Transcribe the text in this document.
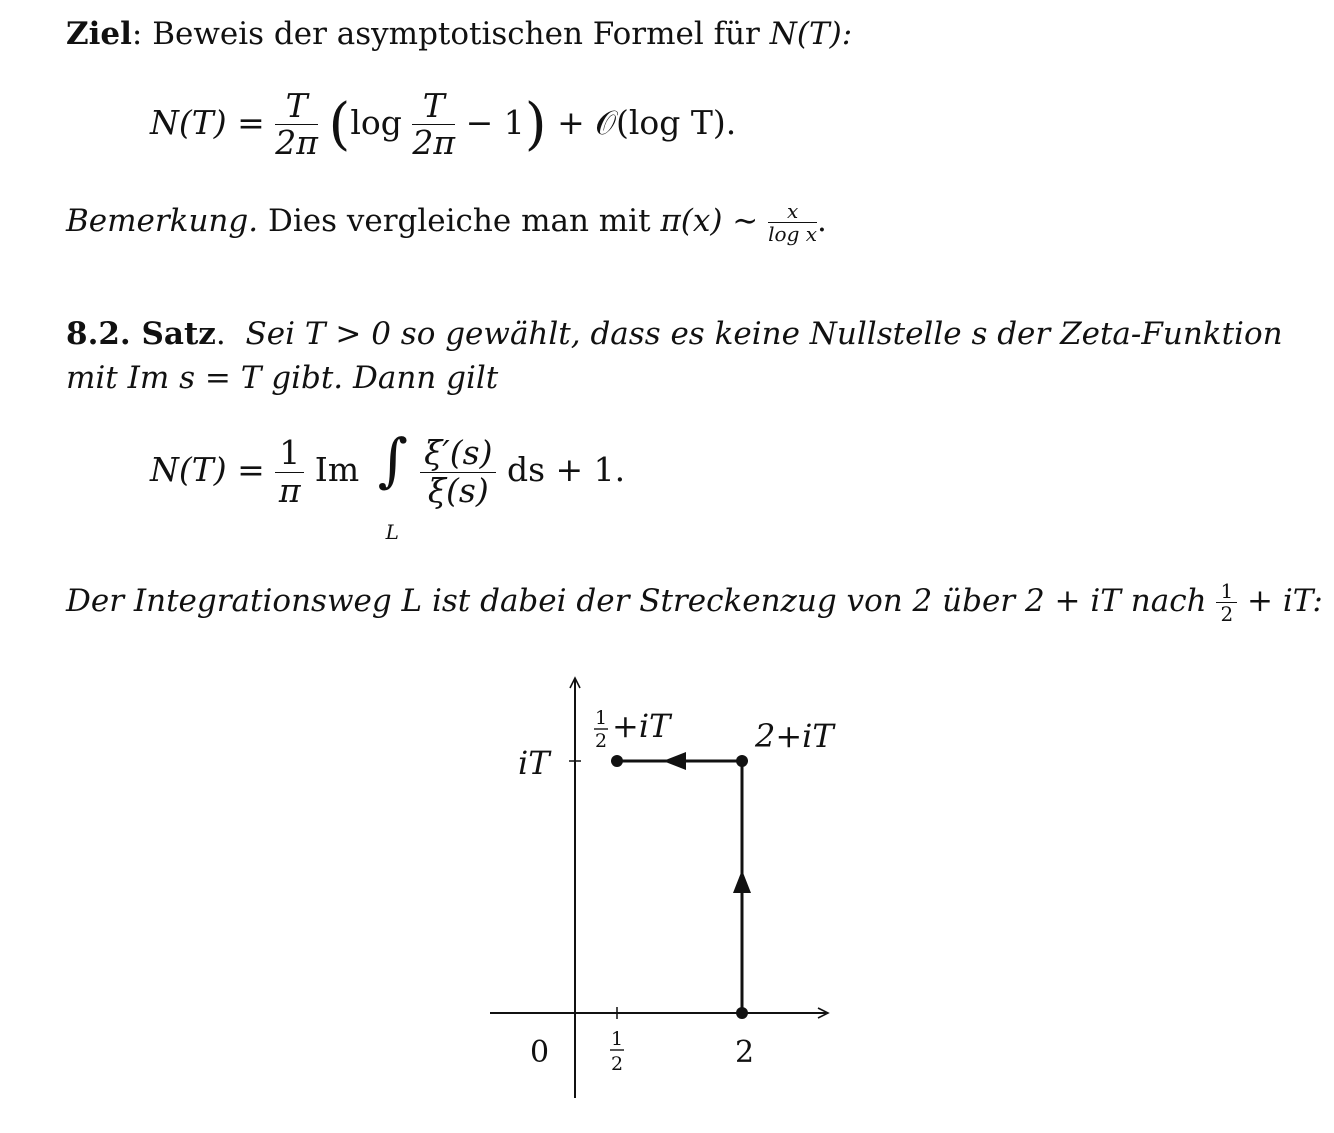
Ziel: Beweis der asymptotischen Formel für N(T):
$N(T) = \frac{T}{2\pi} (\log \frac{T}{2\pi} - 1)$ + 𝒪(log T).
Bemerkung. Dies vergleiche man mit π(x) ∼ $\frac{x}{\text{log x}}$ .
8.2. Satz. Sei T > 0 so gewählt, dass es keine Nullstelle s der Zeta-Funktion
mit Im s = T gibt. Dann gilt
$N(T) = \frac{1}{\pi}$ Im ∫
L

$\frac{\xi'(s)}{\xi(s)}$ ds + 1.
Der Integrationsweg L ist dabei der Streckenzug von 2 über 2 + iT nach $\frac{1}{2}$ + iT:
2+iT
1
2 +iT
iT
0	1
2	2
